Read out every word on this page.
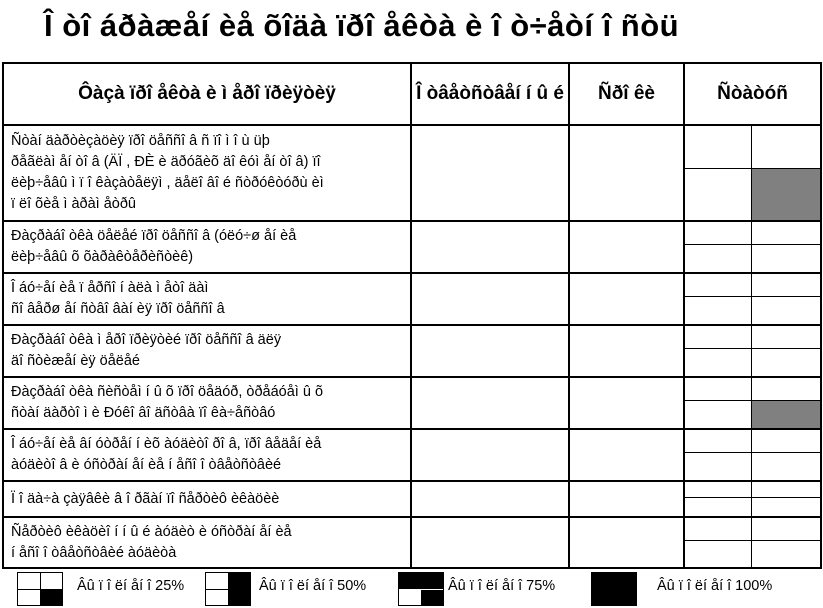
Î òî áðàæåí èå õîäà ïðî åêòà è î ò÷åòí î ñòü
Ôàçà ïðî åêòà è ì åðî ïðèÿòèÿ	Î òâåòñòâåí í û é	Ñðî êè	Ñòàòóñ

Ñòàí äàðòèçàöèÿ ïðî öåññî â ñ ïî ì î ù üþ
ðåãëàì åí òî â (ÄÏ , ÐÈ è äðóãèõ äî êóì åí òî â) ïî
ëèþ÷åâû ì ï î êàçàòåëÿì , äåëî âî é ñòðóêòóðù èì
ï ëî õèå ì àðàì åòðû

Ðàçðàáî òêà öåëåé ïðî öåññî â (óëó÷ø åí èå
ëèþ÷åâû õ õàðàêòåðèñòèê)

Î áó÷åí èå ï åðñî í àëà ì åòî äàì
ñî âåðø åí ñòâî âàí èÿ ïðî öåññî â

Ðàçðàáî òêà ì åðî ïðèÿòèé ïðî öåññî â äëÿ
äî ñòèæåí èÿ öåëåé

Ðàçðàáî òêà ñèñòåì í û õ ïðî öåäóð, òðåáóåì û õ
ñòàí äàðòî ì è Ðóêî âî äñòâà ïî êà÷åñòâó

Î áó÷åí èå âí óòðåí í èõ àóäèòî ðî â, ïðî âåäåí èå
àóäèòî â è óñòðàí åí èå í åñî î òâåòñòâèé

Ï î äà÷à çàÿâêè â î ðãàí ïî ñåðòèô èêàöèè

Ñåðòèô èêàöèî í í û é àóäèò è óñòðàí åí èå
í åñî î òâåòñòâèé àóäèòà

Âû ï î ëí åí î 25%	Âû ï î ëí åí î 50%	Âû ï î ëí åí î 75%	Âû ï î ëí åí î 100%
